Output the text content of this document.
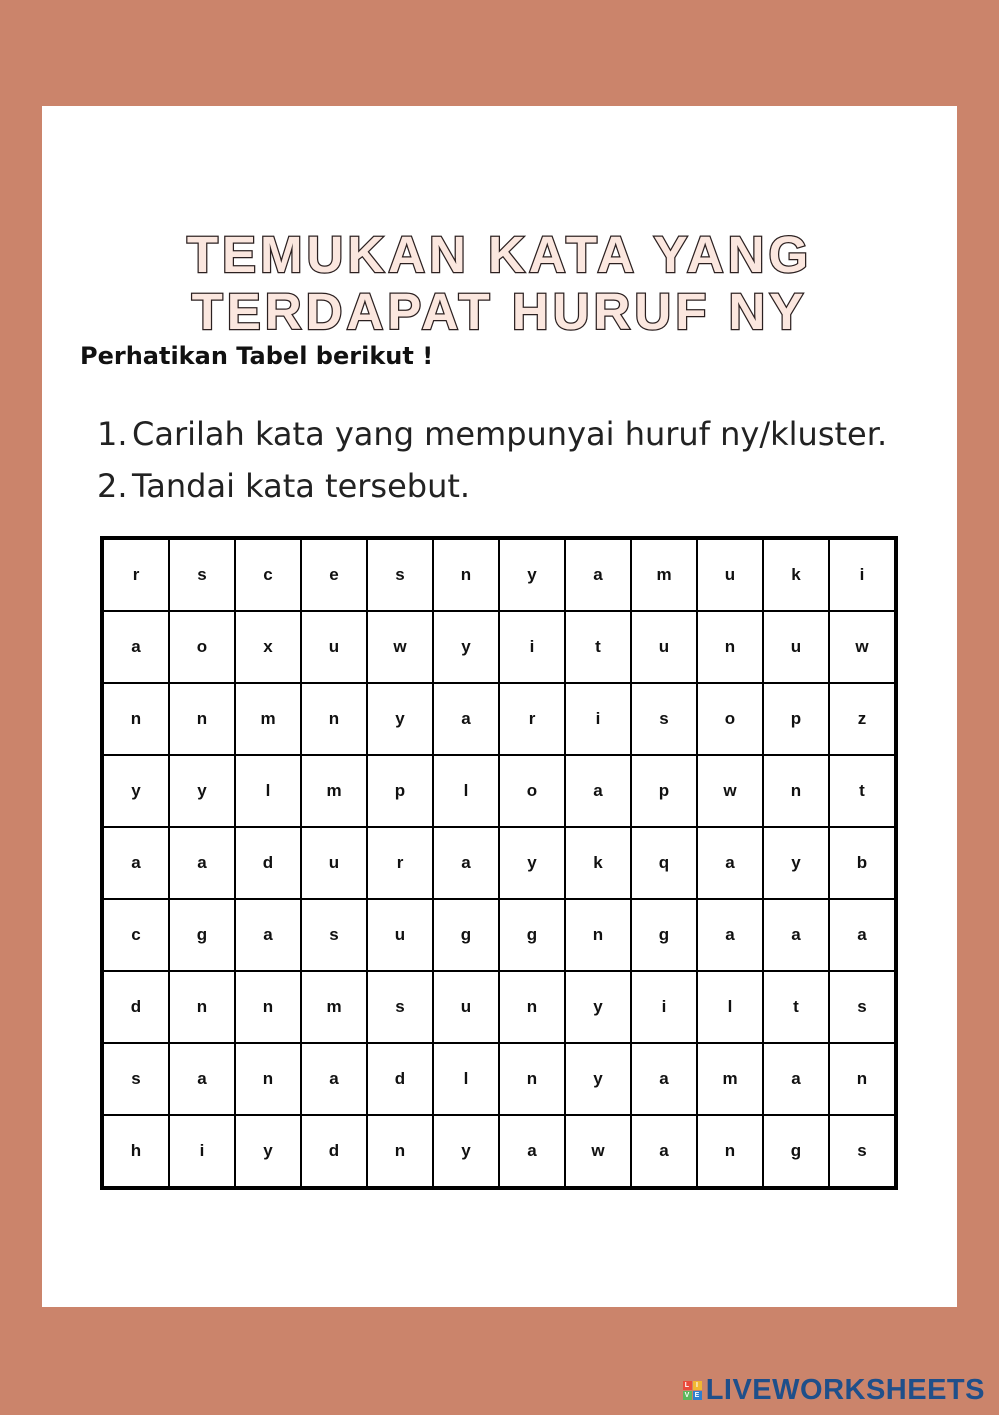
TEMUKAN KATA YANG
TERDAPAT HURUF NY

Perhatikan Tabel berikut !

1. Carilah kata yang mempunyai huruf ny/kluster.
2. Tandai kata tersebut.
r	s	c	e	s	n	y	a	m	u	k	i
a	o	x	u	w	y	i	t	u	n	u	w
n	n	m	n	y	a	r	i	s	o	p	z
y	y	l	m	p	l	o	a	p	w	n	t
a	a	d	u	r	a	y	k	q	a	y	b
c	g	a	s	u	g	g	n	g	a	a	a
d	n	n	m	s	u	n	y	i	l	t	s
s	a	n	a	d	l	n	y	a	m	a	n
h	i	y	d	n	y	a	w	a	n	g	s
L I
V E LIVEWORKSHEETS
